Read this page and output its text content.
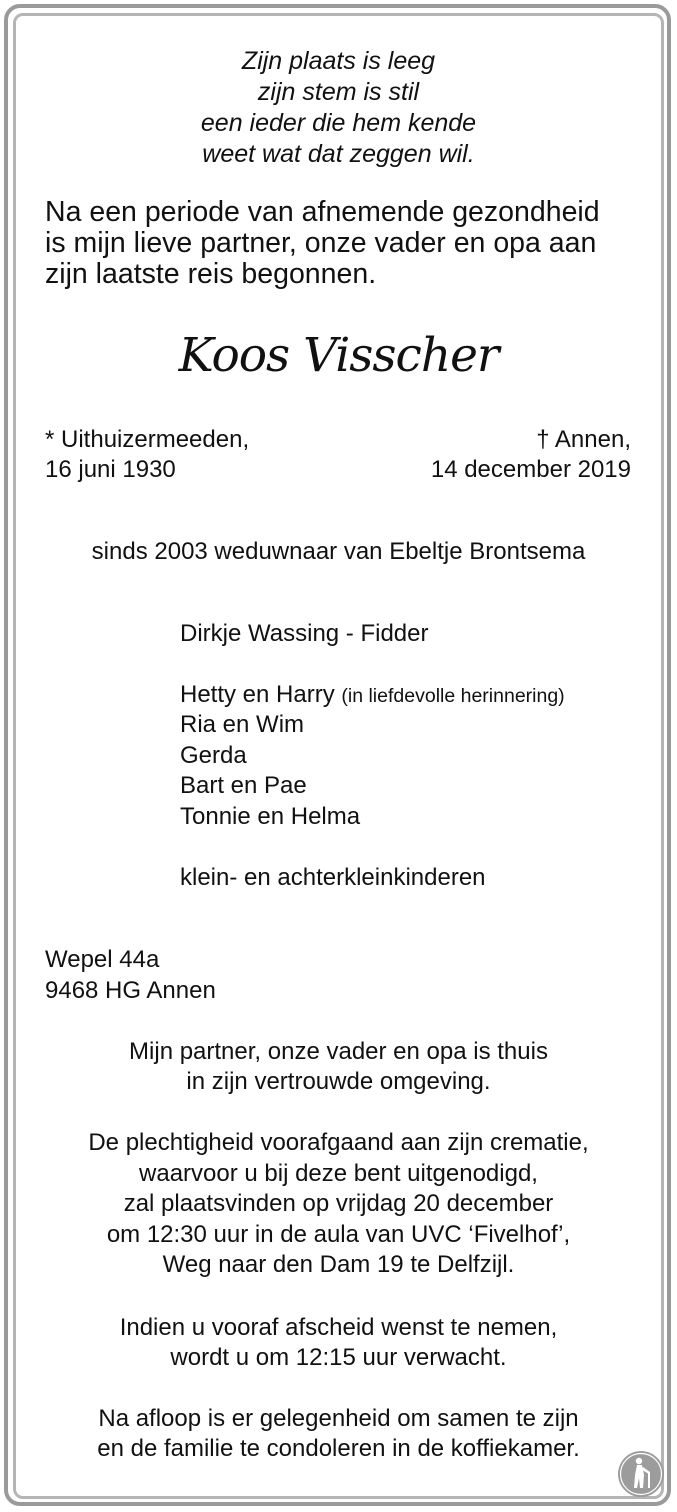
Zijn plaats is leeg

zijn stem is stil

een ieder die hem kende

weet wat dat zeggen wil.

Na een periode van afnemende gezondheid

is mijn lieve partner, onze vader en opa aan

zijn laatste reis begonnen.

Koos Visscher

* Uithuizermeeden,

16 juni 1930

† Annen,

14 december 2019

sinds 2003 weduwnaar van Ebeltje Brontsema

Dirkje Wassing - Fidder

Hetty en Harry (in liefdevolle herinnering)

Ria en Wim

Gerda

Bart en Pae

Tonnie en Helma

klein- en achterkleinkinderen

Wepel 44a

9468 HG Annen

Mijn partner, onze vader en opa is thuis

in zijn vertrouwde omgeving.

De plechtigheid voorafgaand aan zijn crematie,

waarvoor u bij deze bent uitgenodigd,

zal plaatsvinden op vrijdag 20 december

om 12:30 uur in de aula van UVC ‘Fivelhof’,

Weg naar den Dam 19 te Delfzijl.

Indien u vooraf afscheid wenst te nemen,

wordt u om 12:15 uur verwacht.

Na afloop is er gelegenheid om samen te zijn

en de familie te condoleren in de koffiekamer.
